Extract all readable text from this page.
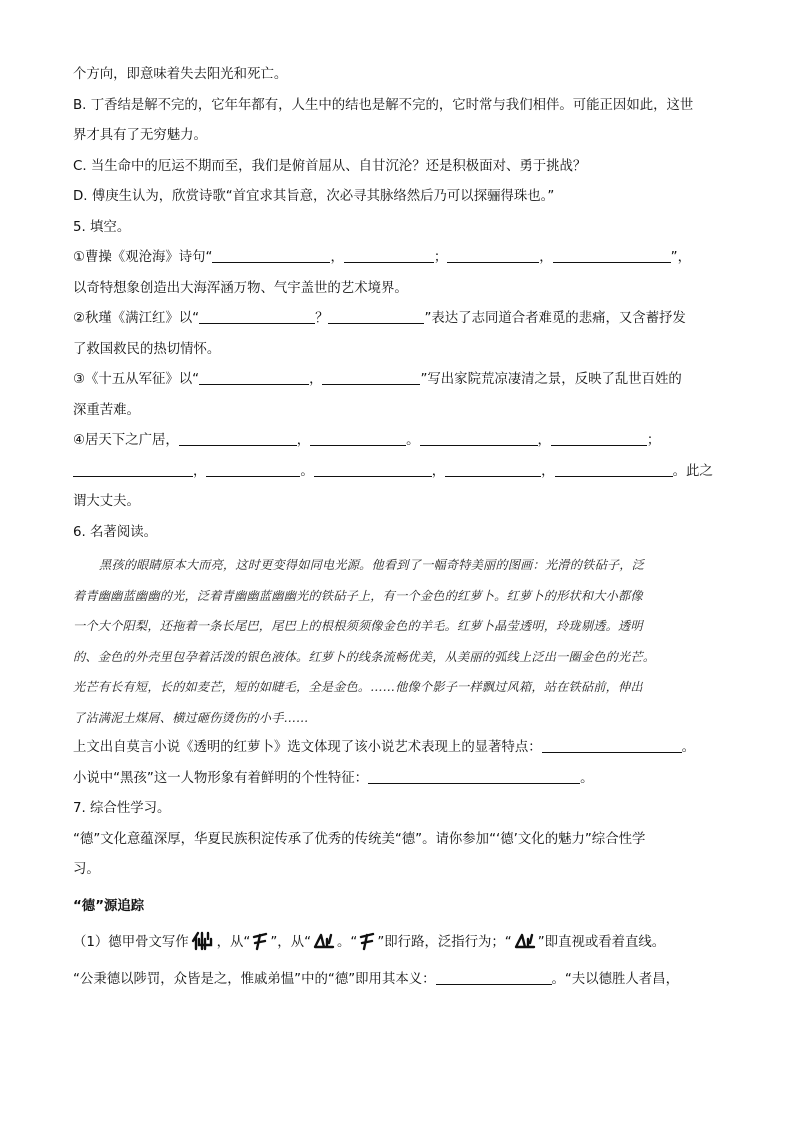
个方向，即意味着失去阳光和死亡。
B. 丁香结是解不完的，它年年都有，人生中的结也是解不完的，它时常与我们相伴。可能正因如此，这世
界才具有了无穷魅力。
C. 当生命中的厄运不期而至，我们是俯首屈从、自甘沉沦？还是积极面对、勇于挑战？
D. 傅庚生认为，欣赏诗歌“首宜求其旨意，次必寻其脉络然后乃可以探骊得珠也。”
5. 填空。
①曹操《观沧海》诗句“	，	；	，	”，
以奇特想象创造出大海浑涵万物、气宇盖世的艺术境界。
②秋瑾《满江红》以“	？	”表达了志同道合者难觅的悲痛，又含蓄抒发
了救国救民的热切情怀。
③《十五从军征》以“	，	”写出家院荒凉凄清之景，反映了乱世百姓的
深重苦难。
④居天下之广居，	，	。	，	；
，	。	，	，	。此之
谓大丈夫。
6. 名著阅读。
黑孩的眼睛原本大而亮，这时更变得如同电光源。他看到了一幅奇特美丽的图画：光滑的铁砧子，泛
着青幽幽蓝幽幽的光，泛着青幽幽蓝幽幽光的铁砧子上，有一个金色的红萝卜。红萝卜的形状和大小都像
一个大个阳梨，还拖着一条长尾巴，尾巴上的根根须须像金色的羊毛。红萝卜晶莹透明，玲珑剔透。透明
的、金色的外壳里包孕着活泼的银色液体。红萝卜的线条流畅优美，从美丽的弧线上泛出一圈金色的光芒。
光芒有长有短，长的如麦芒，短的如睫毛，全是金色。……他像个影子一样飘过风箱，站在铁砧前，伸出
了沾满泥土煤屑、横过砸伤烫伤的小手……
上文出自莫言小说《透明的红萝卜》选文体现了该小说艺术表现上的显著特点：	。
小说中“黑孩”这一人物形象有着鲜明的个性特征：	。
7. 综合性学习。
“德”文化意蕴深厚，华夏民族积淀传承了优秀的传统美“德”。请你参加“‘德’文化的魅力”综合性学
习。
“德”源追踪
（1）德甲骨文写作 ，从“ ”，从“ 。“ ”即行路，泛指行为；“ ”即直视或看着直线。
“公秉德以陟罚，众皆是之，惟戚弟愠”中的“德”即用其本义：	。“夫以德胜人者昌，
